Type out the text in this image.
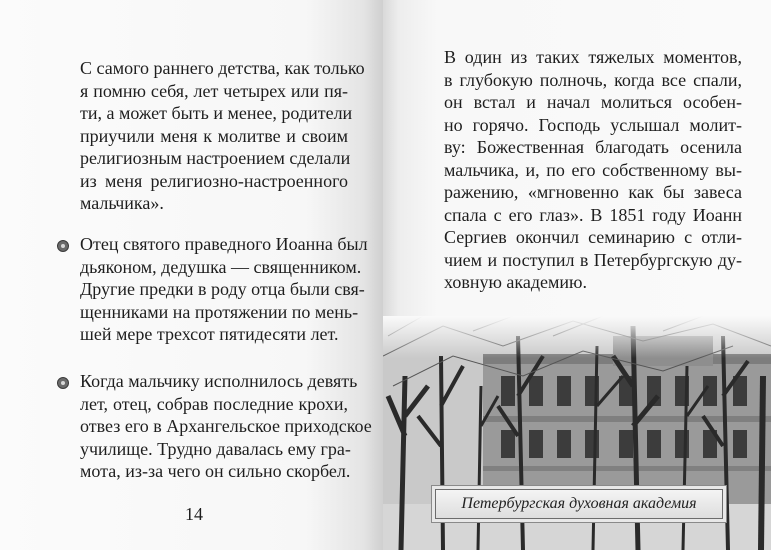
С самого раннего детства, как только
я помню себя, лет четырех или пя-
ти, а может быть и менее, родители
приучили меня к молитве и своим
религиозным настроением сделали
из меня религиозно-настроенного
мальчика».
Отец святого праведного Иоанна был
дьяконом, дедушка — священником.
Другие предки в роду отца были свя-
щенниками на протяжении по мень-
шей мере трехсот пятидесяти лет.
Когда мальчику исполнилось девять
лет, отец, собрав последние крохи,
отвез его в Архангельское приходское
училище. Трудно давалась ему гра-
мота, из-за чего он сильно скорбел.
14
В один из таких тяжелых моментов,
в глубокую полночь, когда все спали,
он встал и начал молиться особен-
но горячо. Господь услышал молит-
ву: Божественная благодать осенила
мальчика, и, по его собственному вы-
ражению, «мгновенно как бы завеса
спала с его глаз». В 1851 году Иоанн
Сергиев окончил семинарию с отли-
чием и поступил в Петербургскую ду-
ховную академию.
Петербургская духовная академия
